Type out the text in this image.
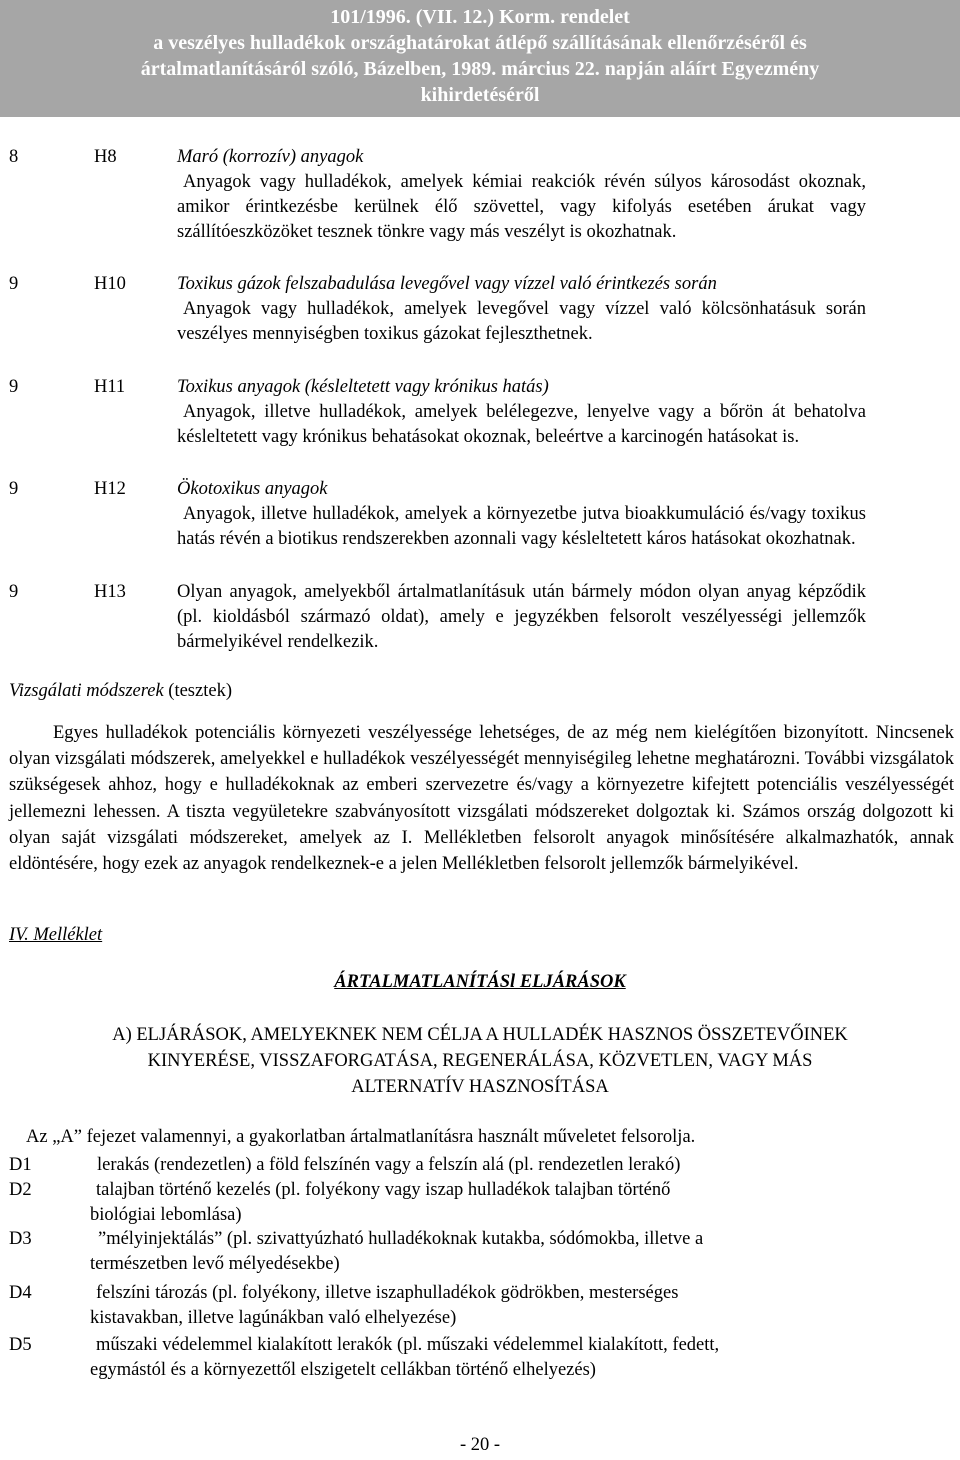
101/1996. (VII. 12.) Korm. rendelet
a veszélyes hulladékok országhatárokat átlépő szállításának ellenőrzéséről és
ártalmatlanításáról szóló, Bázelben, 1989. március 22. napján aláírt Egyezmény
kihirdetéséről
8	H8	Maró (korrozív) anyagok
Anyagok vagy hulladékok, amelyek kémiai reakciók révén súlyos károsodást okoznak, amikor érintkezésbe kerülnek élő szövettel, vagy kifolyás esetében árukat vagy szállítóeszközöket tesznek tönkre vagy más veszélyt is okozhatnak.
9	H10	Toxikus gázok felszabadulása levegővel vagy vízzel való érintkezés során
Anyagok vagy hulladékok, amelyek levegővel vagy vízzel való kölcsönhatásuk során veszélyes mennyiségben toxikus gázokat fejleszthetnek.
9	H11	Toxikus anyagok (késleltetett vagy krónikus hatás)
Anyagok, illetve hulladékok, amelyek belélegezve, lenyelve vagy a bőrön át behatolva késleltetett vagy krónikus behatásokat okoznak, beleértve a karcinogén hatásokat is.
9	H12	Ökotoxikus anyagok
Anyagok, illetve hulladékok, amelyek a környezetbe jutva bioakkumuláció és/vagy toxikus hatás révén a biotikus rendszerekben azonnali vagy késleltetett káros hatásokat okozhatnak.
9	H13	Olyan anyagok, amelyekből ártalmatlanításuk után bármely módon olyan anyag képződik (pl. kioldásból származó oldat), amely e jegyzékben felsorolt veszélyességi jellemzők bármelyikével rendelkezik.
Vizsgálati módszerek (tesztek)
Egyes hulladékok potenciális környezeti veszélyessége lehetséges, de az még nem kielégítően bizonyított. Nincsenek olyan vizsgálati módszerek, amelyekkel e hulladékok veszélyességét mennyiségileg lehetne meghatározni. További vizsgálatok szükségesek ahhoz, hogy e hulladékoknak az emberi szervezetre és/vagy a környezetre kifejtett potenciális veszélyességét jellemezni lehessen. A tiszta vegyületekre szabványosított vizsgálati módszereket dolgoztak ki. Számos ország dolgozott ki olyan saját vizsgálati módszereket, amelyek az I. Mellékletben felsorolt anyagok minősítésére alkalmazhatók, annak eldöntésére, hogy ezek az anyagok rendelkeznek-e a jelen Mellékletben felsorolt jellemzők bármelyikével.
IV. Melléklet
ÁRTALMATLANÍTÁSl ELJÁRÁSOK
A) ELJÁRÁSOK, AMELYEKNEK NEM CÉLJA A HULLADÉK HASZNOS ÖSSZETEVŐINEK
KINYERÉSE, VISSZAFORGATÁSA, REGENERÁLÁSA, KÖZVETLEN, VAGY MÁS
ALTERNATÍV HASZNOSÍTÁSA
Az „A” fejezet valamennyi, a gyakorlatban ártalmatlanításra használt műveletet felsorolja.
D1	lerakás (rendezetlen) a föld felszínén vagy a felszín alá (pl. rendezetlen lerakó)
D2	talajban történő kezelés (pl. folyékony vagy iszap hulladékok talajban történő
biológiai lebomlása)
D3	”mélyinjektálás” (pl. szivattyúzható hulladékoknak kutakba, sódómokba, illetve a
természetben levő mélyedésekbe)
D4	felszíni tározás (pl. folyékony, illetve iszaphulladékok gödrökben, mesterséges
kistavakban, illetve lagúnákban való elhelyezése)
D5	műszaki védelemmel kialakított lerakók (pl. műszaki védelemmel kialakított, fedett,
egymástól és a környezettől elszigetelt cellákban történő elhelyezés)
- 20 -
